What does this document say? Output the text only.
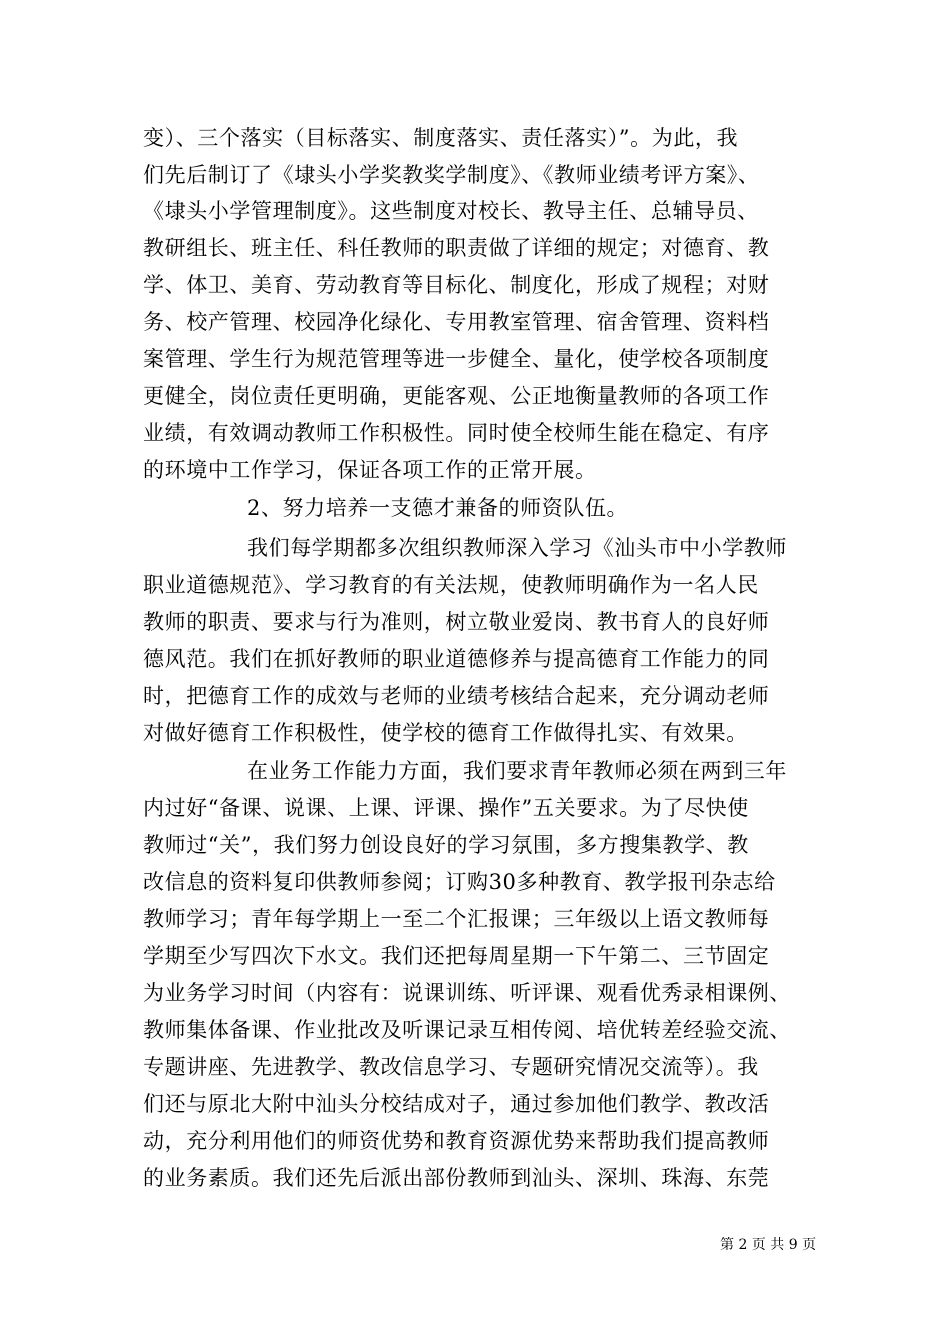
变）、三个落实（目标落实、制度落实、责任落实）”。为此，我
们先后制订了《埭头小学奖教奖学制度》、《教师业绩考评方案》、
《埭头小学管理制度》。这些制度对校长、教导主任、总辅导员、
教研组长、班主任、科任教师的职责做了详细的规定；对德育、教
学、体卫、美育、劳动教育等目标化、制度化，形成了规程；对财
务、校产管理、校园净化绿化、专用教室管理、宿舍管理、资料档
案管理、学生行为规范管理等进一步健全、量化，使学校各项制度
更健全，岗位责任更明确，更能客观、公正地衡量教师的各项工作
业绩，有效调动教师工作积极性。同时使全校师生能在稳定、有序
的环境中工作学习，保证各项工作的正常开展。
2、努力培养一支德才兼备的师资队伍。
我们每学期都多次组织教师深入学习《汕头市中小学教师
职业道德规范》、学习教育的有关法规，使教师明确作为一名人民
教师的职责、要求与行为准则，树立敬业爱岗、教书育人的良好师
德风范。我们在抓好教师的职业道德修养与提高德育工作能力的同
时，把德育工作的成效与老师的业绩考核结合起来，充分调动老师
对做好德育工作积极性，使学校的德育工作做得扎实、有效果。
在业务工作能力方面，我们要求青年教师必须在两到三年
内过好“备课、说课、上课、评课、操作”五关要求。为了尽快使
教师过“关”，我们努力创设良好的学习氛围，多方搜集教学、教
改信息的资料复印供教师参阅；订购30多种教育、教学报刊杂志给
教师学习；青年每学期上一至二个汇报课；三年级以上语文教师每
学期至少写四次下水文。我们还把每周星期一下午第二、三节固定
为业务学习时间（内容有：说课训练、听评课、观看优秀录相课例、
教师集体备课、作业批改及听课记录互相传阅、培优转差经验交流、
专题讲座、先进教学、教改信息学习、专题研究情况交流等）。我
们还与原北大附中汕头分校结成对子，通过参加他们教学、教改活
动，充分利用他们的师资优势和教育资源优势来帮助我们提高教师
的业务素质。我们还先后派出部份教师到汕头、深圳、珠海、东莞
第 2 页 共 9 页
